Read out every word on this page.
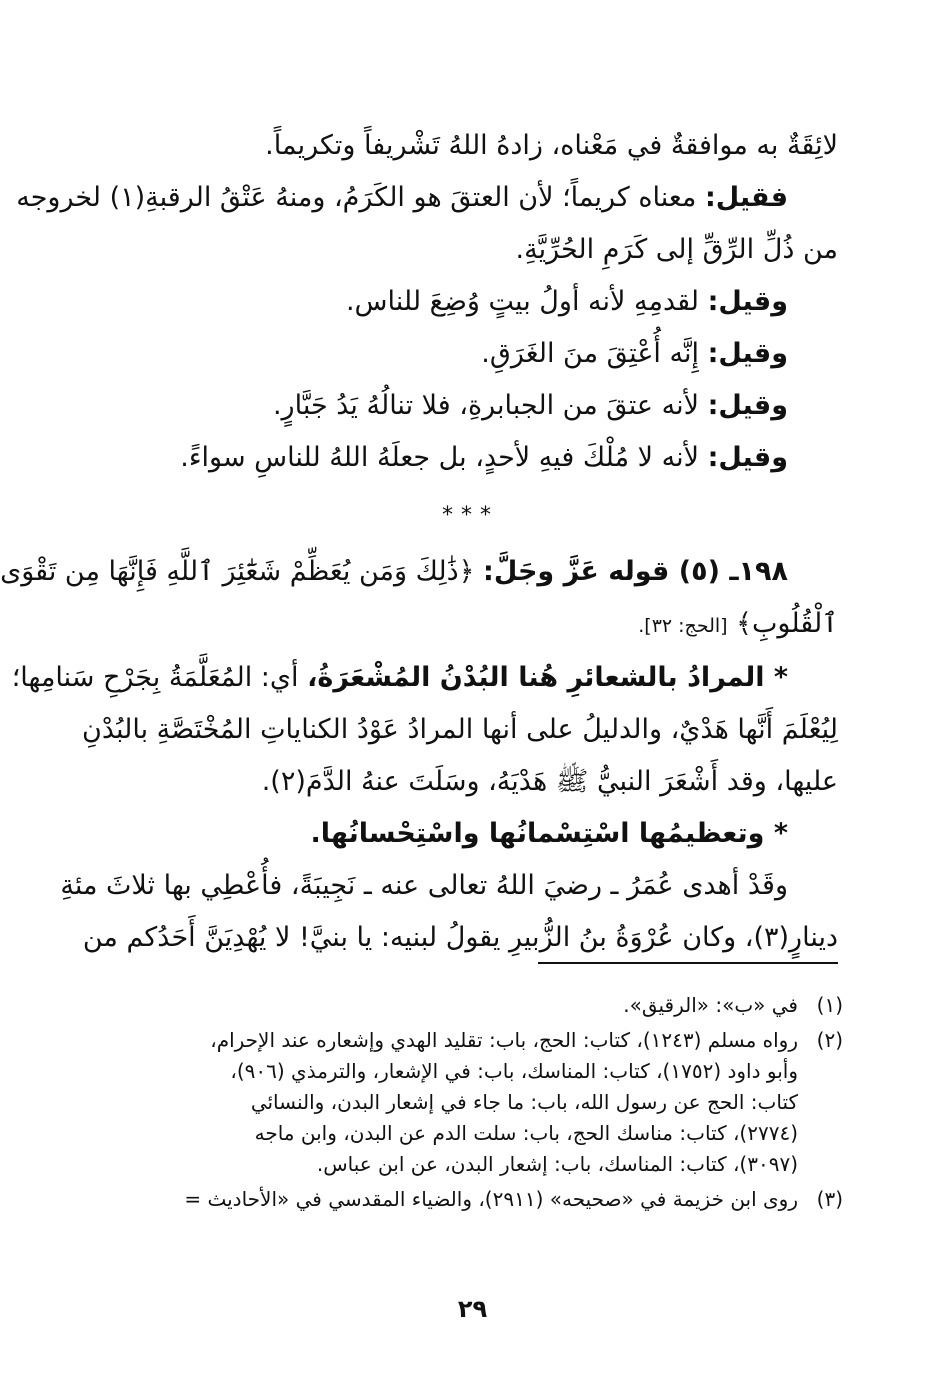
لائِقَةٌ به موافقةٌ في مَعْناه، زادهُ اللهُ تَشْريفاً وتكريماً.
فقيل: معناه كريماً؛ لأن العتقَ هو الكَرَمُ، ومنهُ عَتْقُ الرقبةِ(١) لخروجه
من ذُلِّ الرِّقِّ إلى كَرَمِ الحُرِّيَّةِ.
وقيل: لقدمِهِ لأنه أولُ بيتٍ وُضِعَ للناس.
وقيل: إِنَّه أُعْتِقَ منَ الغَرَقِ.
وقيل: لأنه عتقَ من الجبابرةِ، فلا تنالُهُ يَدُ جَبَّارٍ.
وقيل: لأنه لا مُلْكَ فيهِ لأحدٍ، بل جعلَهُ اللهُ للناسِ سواءً.
***
١٩٨ـ (٥) قوله عَزَّ وجَلَّ: ﴿ذَٰلِكَ وَمَن يُعَظِّمْ شَعَٰٓئِرَ ٱللَّهِ فَإِنَّهَا مِن تَقْوَى
ٱلْقُلُوبِ﴾ [الحج: ٣٢].
* المرادُ بالشعائرِ هُنا البُدْنُ المُشْعَرَةُ، أي: المُعَلَّمَةُ بِجَرْحِ سَنامِها؛
لِيُعْلَمَ أَنَّها هَدْيٌ، والدليلُ على أنها المرادُ عَوْدُ الكناياتِ المُخْتَصَّةِ بالبُدْنِ
عليها، وقد أَشْعَرَ النبيُّ ﷺ هَدْيَهُ، وسَلَتَ عنهُ الدَّمَ(٢).
* وتعظيمُها اسْتِسْمانُها واسْتِحْسانُها.
وقَدْ أهدى عُمَرُ ـ رضيَ اللهُ تعالى عنه ـ نَجِيبَةً، فأُعْطِي بها ثلاثَ مئةِ
دينارٍ(٣)، وكان عُرْوَةُ بنُ الزُّبيرِ يقولُ لبنيه: يا بنيَّ! لا يُهْدِيَنَّ أَحَدُكم من
(١)
في «ب»: «الرقيق».
(٢)
رواه مسلم (١٢٤٣)، كتاب: الحج، باب: تقليد الهدي وإشعاره عند الإحرام،
وأبو داود (١٧٥٢)، كتاب: المناسك، باب: في الإشعار، والترمذي (٩٠٦)،
كتاب: الحج عن رسول الله، باب: ما جاء في إشعار البدن، والنسائي
(٢٧٧٤)، كتاب: مناسك الحج، باب: سلت الدم عن البدن، وابن ماجه
(٣٠٩٧)، كتاب: المناسك، باب: إشعار البدن، عن ابن عباس.
(٣)
روى ابن خزيمة في «صحيحه» (٢٩١١)، والضياء المقدسي في «الأحاديث =
٢٩
